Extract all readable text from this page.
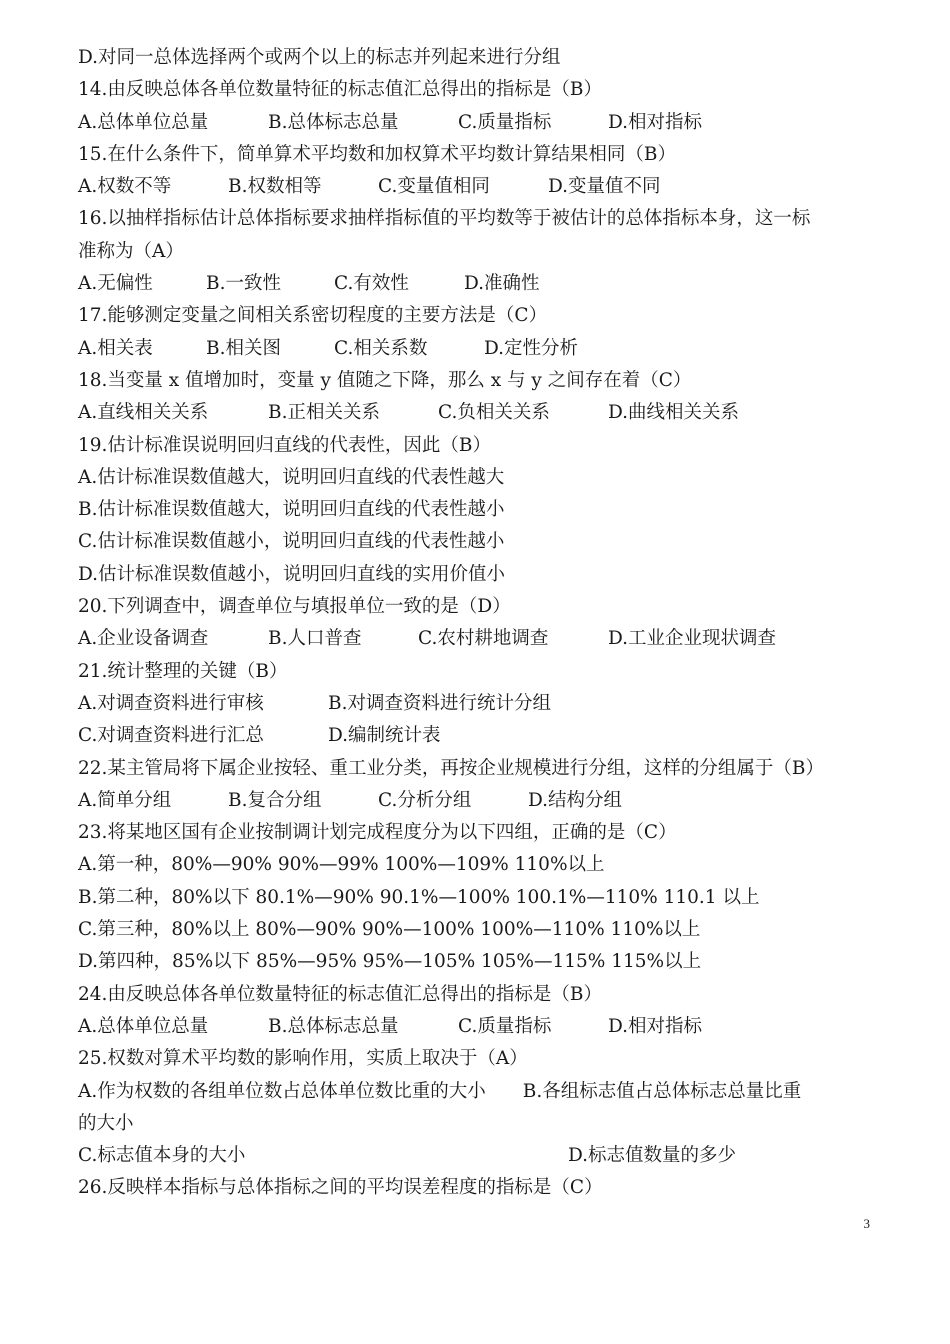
D.对同一总体选择两个或两个以上的标志并列起来进行分组
14.由反映总体各单位数量特征的标志值汇总得出的指标是（B）
A.总体单位总量	B.总体标志总量	C.质量指标	D.相对指标
15.在什么条件下，简单算术平均数和加权算术平均数计算结果相同（B）
A.权数不等	B.权数相等	C.变量值相同	D.变量值不同
16.以抽样指标估计总体指标要求抽样指标值的平均数等于被估计的总体指标本身，这一标
准称为（A）
A.无偏性	B.一致性	C.有效性	D.准确性
17.能够测定变量之间相关系密切程度的主要方法是（C）
A.相关表	B.相关图	C.相关系数	D.定性分析
18.当变量 x 值增加时，变量 y 值随之下降，那么 x 与 y 之间存在着（C）
A.直线相关关系	B.正相关关系	C.负相关关系	D.曲线相关关系
19.估计标准误说明回归直线的代表性，因此（B）
A.估计标准误数值越大，说明回归直线的代表性越大
B.估计标准误数值越大，说明回归直线的代表性越小
C.估计标准误数值越小，说明回归直线的代表性越小
D.估计标准误数值越小，说明回归直线的实用价值小
20.下列调查中，调查单位与填报单位一致的是（D）
A.企业设备调查	B.人口普查	C.农村耕地调查	D.工业企业现状调查
21.统计整理的关键（B）
A.对调查资料进行审核	B.对调查资料进行统计分组
C.对调查资料进行汇总	D.编制统计表
22.某主管局将下属企业按轻、重工业分类，再按企业规模进行分组，这样的分组属于（B）
A.简单分组	B.复合分组	C.分析分组	D.结构分组
23.将某地区国有企业按制调计划完成程度分为以下四组，正确的是（C）
A.第一种，80%—90% 90%—99% 100%—109% 110%以上
B.第二种，80%以下 80.1%—90% 90.1%—100% 100.1%—110% 110.1 以上
C.第三种，80%以上 80%—90% 90%—100% 100%—110% 110%以上
D.第四种，85%以下 85%—95% 95%—105% 105%—115% 115%以上
24.由反映总体各单位数量特征的标志值汇总得出的指标是（B）
A.总体单位总量	B.总体标志总量	C.质量指标	D.相对指标
25.权数对算术平均数的影响作用，实质上取决于（A）
A.作为权数的各组单位数占总体单位数比重的大小　　B.各组标志值占总体标志总量比重
的大小
C.标志值本身的大小	D.标志值数量的多少
26.反映样本指标与总体指标之间的平均误差程度的指标是（C）
3
